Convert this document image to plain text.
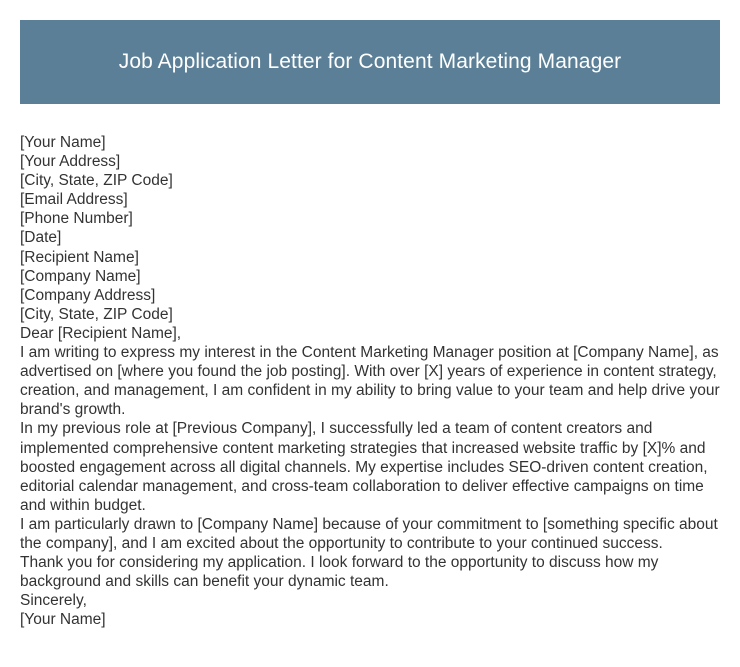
Job Application Letter for Content Marketing Manager

[Your Name]

[Your Address]

[City, State, ZIP Code]

[Email Address]

[Phone Number]

[Date]

[Recipient Name]

[Company Name]

[Company Address]

[City, State, ZIP Code]

Dear [Recipient Name],

I am writing to express my interest in the Content Marketing Manager position at [Company Name], as advertised on [where you found the job posting]. With over [X] years of experience in content strategy, creation, and management, I am confident in my ability to bring value to your team and help drive your brand's growth.

In my previous role at [Previous Company], I successfully led a team of content creators and implemented comprehensive content marketing strategies that increased website traffic by [X]% and boosted engagement across all digital channels. My expertise includes SEO-driven content creation, editorial calendar management, and cross-team collaboration to deliver effective campaigns on time and within budget.

I am particularly drawn to [Company Name] because of your commitment to [something specific about the company], and I am excited about the opportunity to contribute to your continued success.

Thank you for considering my application. I look forward to the opportunity to discuss how my background and skills can benefit your dynamic team.

Sincerely,

[Your Name]
